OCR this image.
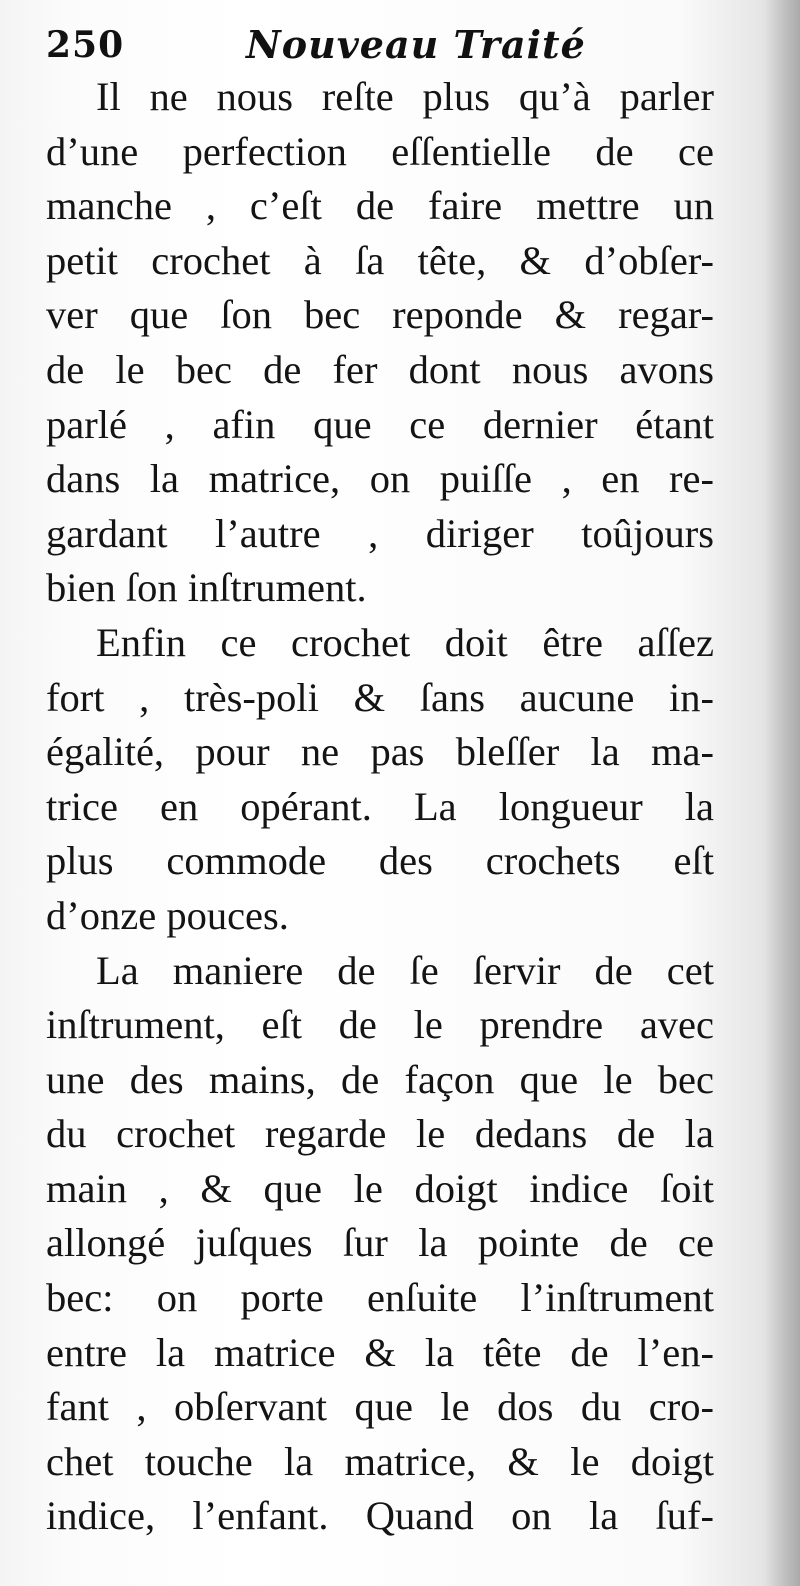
250	Nouveau Traité
Il ne nous reſte plus qu’à parler
d’une perfection eſſentielle de ce
manche , c’eſt de faire mettre un
petit crochet à ſa tête, & d’obſer-
ver que ſon bec reponde & regar-
de le bec de fer dont nous avons
parlé , afin que ce dernier étant
dans la matrice, on puiſſe , en re-
gardant l’autre , diriger toûjours
bien ſon inſtrument.
Enfin ce crochet doit être aſſez
fort , très-poli & ſans aucune in-
égalité, pour ne pas bleſſer la ma-
trice en opérant. La longueur la
plus commode des crochets eſt
d’onze pouces.
La maniere de ſe ſervir de cet
inſtrument, eſt de le prendre avec
une des mains, de façon que le bec
du crochet regarde le dedans de la
main , & que le doigt indice ſoit
allongé juſques ſur la pointe de ce
bec: on porte enſuite l’inſtrument
entre la matrice & la tête de l’en-
fant , obſervant que le dos du cro-
chet touche la matrice, & le doigt
indice, l’enfant. Quand on la ſuf-
